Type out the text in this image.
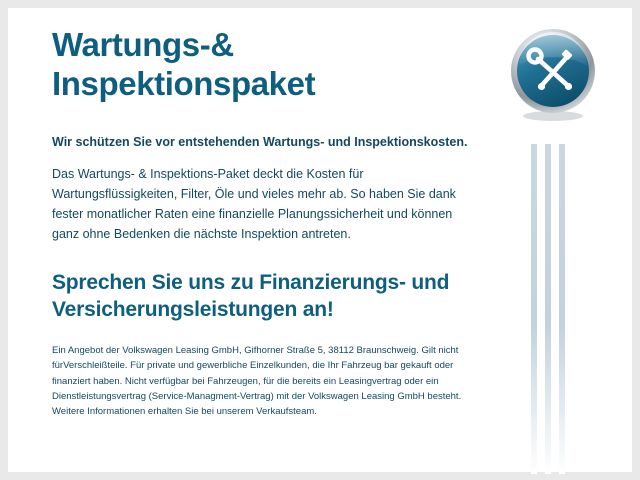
Wartungs-&
Inspektionspaket
Wir schützen Sie vor entstehenden Wartungs- und Inspektionskosten.
Das Wartungs- & Inspektions-Paket deckt die Kosten für Wartungsflüssigkeiten, Filter, Öle und vieles mehr ab. So haben Sie dank fester monatlicher Raten eine finanzielle Planungssicherheit und können ganz ohne Bedenken die nächste Inspektion antreten.
Sprechen Sie uns zu Finanzierungs- und
Versicherungsleistungen an!
Ein Angebot der Volkswagen Leasing GmbH, Gifhorner Straße 5, 38112 Braunschweig. Gilt nicht fürVerschleißteile. Für private und gewerbliche Einzelkunden, die Ihr Fahrzeug bar gekauft oder finanziert haben. Nicht verfügbar bei Fahrzeugen, für die bereits ein Leasingvertrag oder ein Dienstleistungsvertrag (Service-Managment-Vertrag) mit der Volkswagen Leasing GmbH besteht. Weitere Informationen erhalten Sie bei unserem Verkaufsteam.
